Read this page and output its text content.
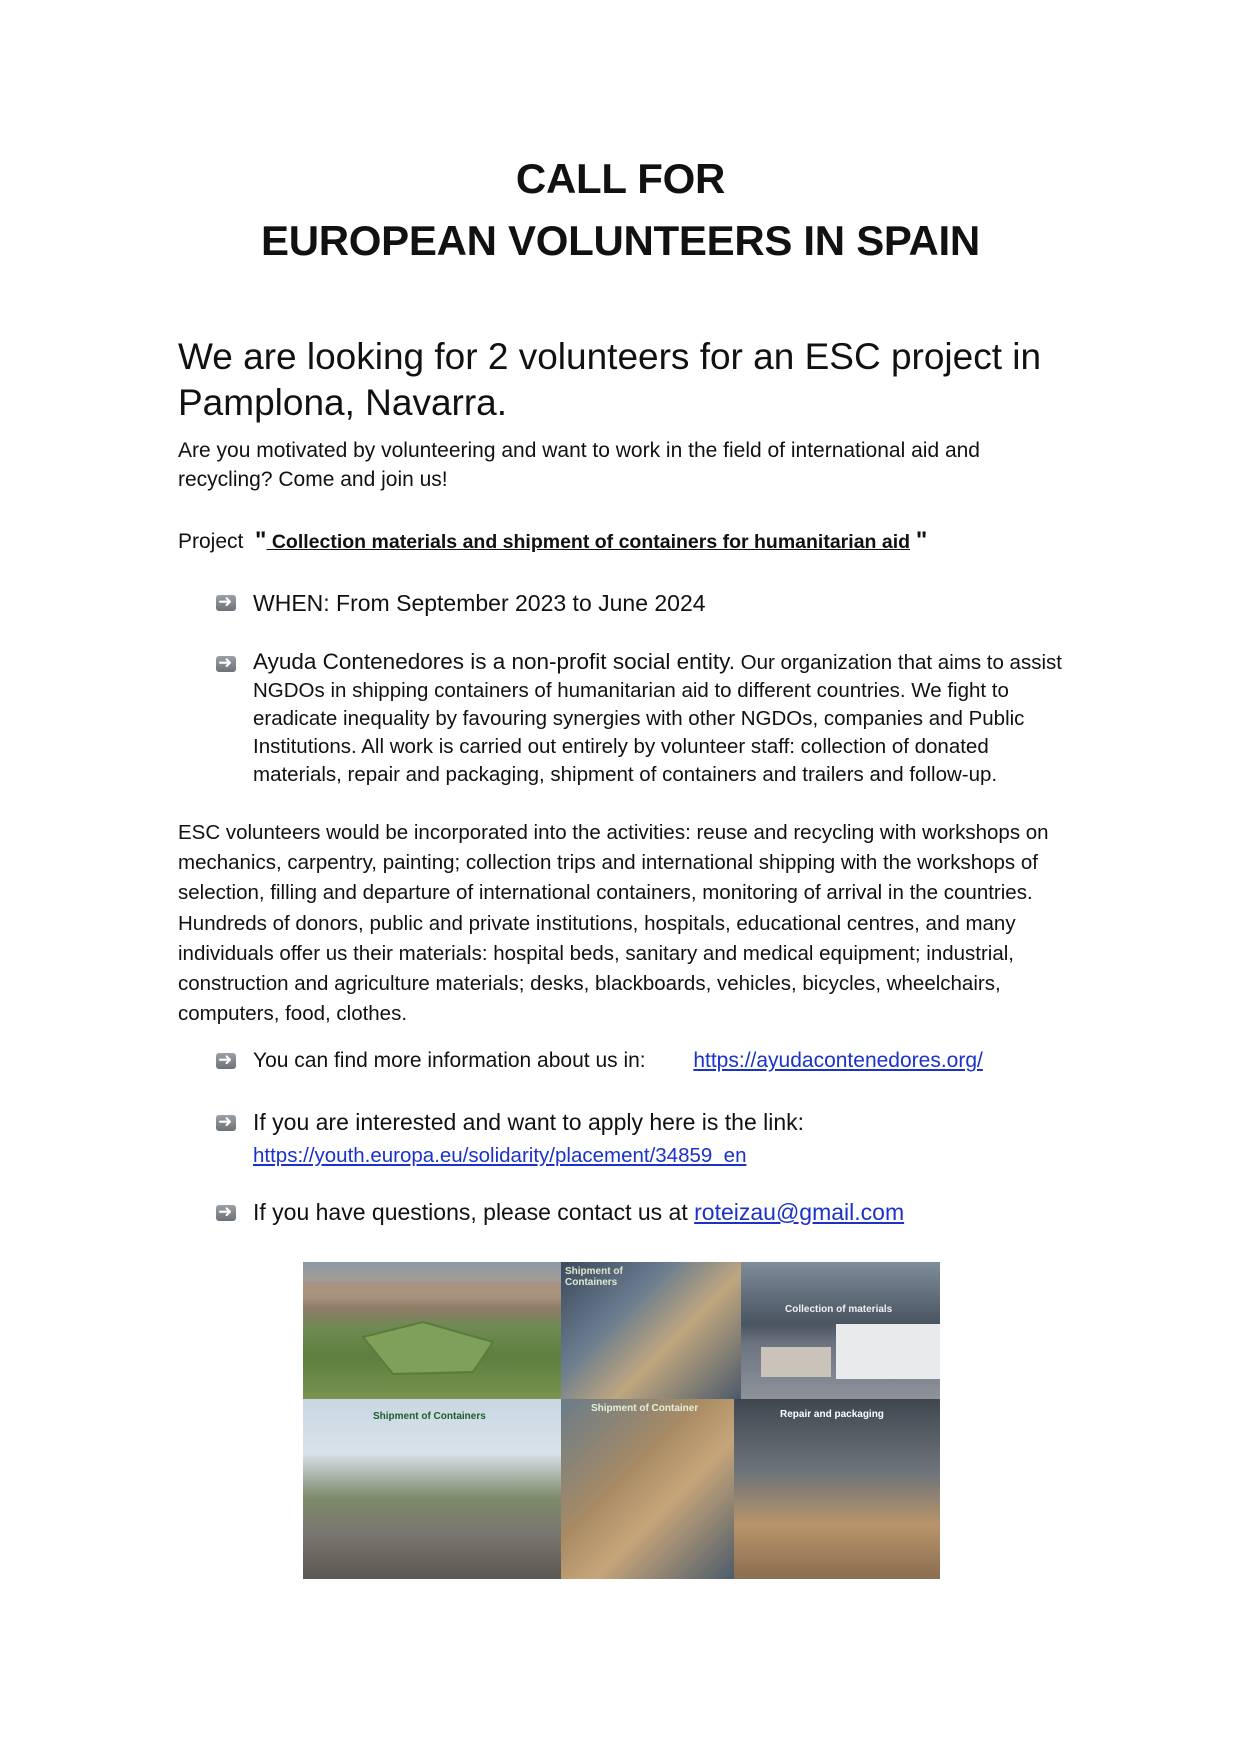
CALL FOR
EUROPEAN VOLUNTEERS IN SPAIN
We are looking for 2 volunteers for an ESC project in Pamplona, Navarra.
Are you motivated by volunteering and want to work in the field of international aid and recycling? Come and join us!
Project " Collection materials and shipment of containers for humanitarian aid "
➜ WHEN: From September 2023 to June 2024
➜ Ayuda Contenedores is a non-profit social entity. Our organization that aims to assist NGDOs in shipping containers of humanitarian aid to different countries. We fight to eradicate inequality by favouring synergies with other NGDOs, companies and Public Institutions. All work is carried out entirely by volunteer staff: collection of donated materials, repair and packaging, shipment of containers and trailers and follow-up.
ESC volunteers would be incorporated into the activities: reuse and recycling with workshops on mechanics, carpentry, painting; collection trips and international shipping with the workshops of selection, filling and departure of international containers, monitoring of arrival in the countries. Hundreds of donors, public and private institutions, hospitals, educational centres, and many individuals offer us their materials: hospital beds, sanitary and medical equipment; industrial, construction and agriculture materials; desks, blackboards, vehicles, bicycles, wheelchairs, computers, food, clothes.
➜ You can find more information about us in: https://ayudacontenedores.org/
➜ If you are interested and want to apply here is the link:
https://youth.europa.eu/solidarity/placement/34859_en
➜ If you have questions, please contact us at roteizau@gmail.com
Shipment of
Containers
Collection of materials
Shipment of Containers
Shipment of Container
Repair and packaging
